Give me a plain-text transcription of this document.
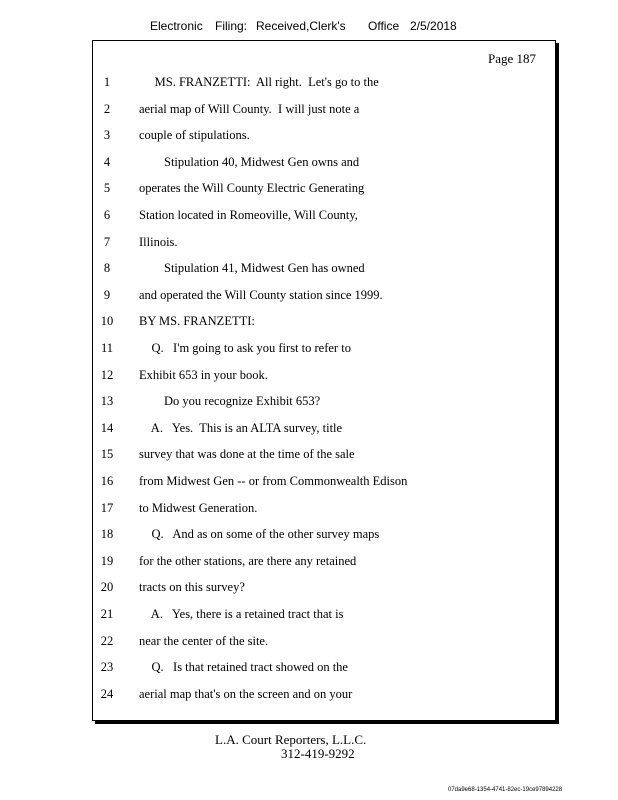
Electronic Filing: Received,Clerk's Office 2/5/2018
Page 187
1	MS. FRANZETTI:  All right.  Let's go to the
2	aerial map of Will County.  I will just note a
3	couple of stipulations.
4	Stipulation 40, Midwest Gen owns and
5	operates the Will County Electric Generating
6	Station located in Romeoville, Will County,
7	Illinois.
8	Stipulation 41, Midwest Gen has owned
9	and operated the Will County station since 1999.
10	BY MS. FRANZETTI:
11	Q.   I'm going to ask you first to refer to
12	Exhibit 653 in your book.
13	Do you recognize Exhibit 653?
14	A.   Yes.  This is an ALTA survey, title
15	survey that was done at the time of the sale
16	from Midwest Gen -- or from Commonwealth Edison
17	to Midwest Generation.
18	Q.   And as on some of the other survey maps
19	for the other stations, are there any retained
20	tracts on this survey?
21	A.   Yes, there is a retained tract that is
22	near the center of the site.
23	Q.   Is that retained tract showed on the
24	aerial map that's on the screen and on your
L.A. Court Reporters, L.L.C.
312-419-9292
07da9e68-1354-4741-82ec-19ce97894228
